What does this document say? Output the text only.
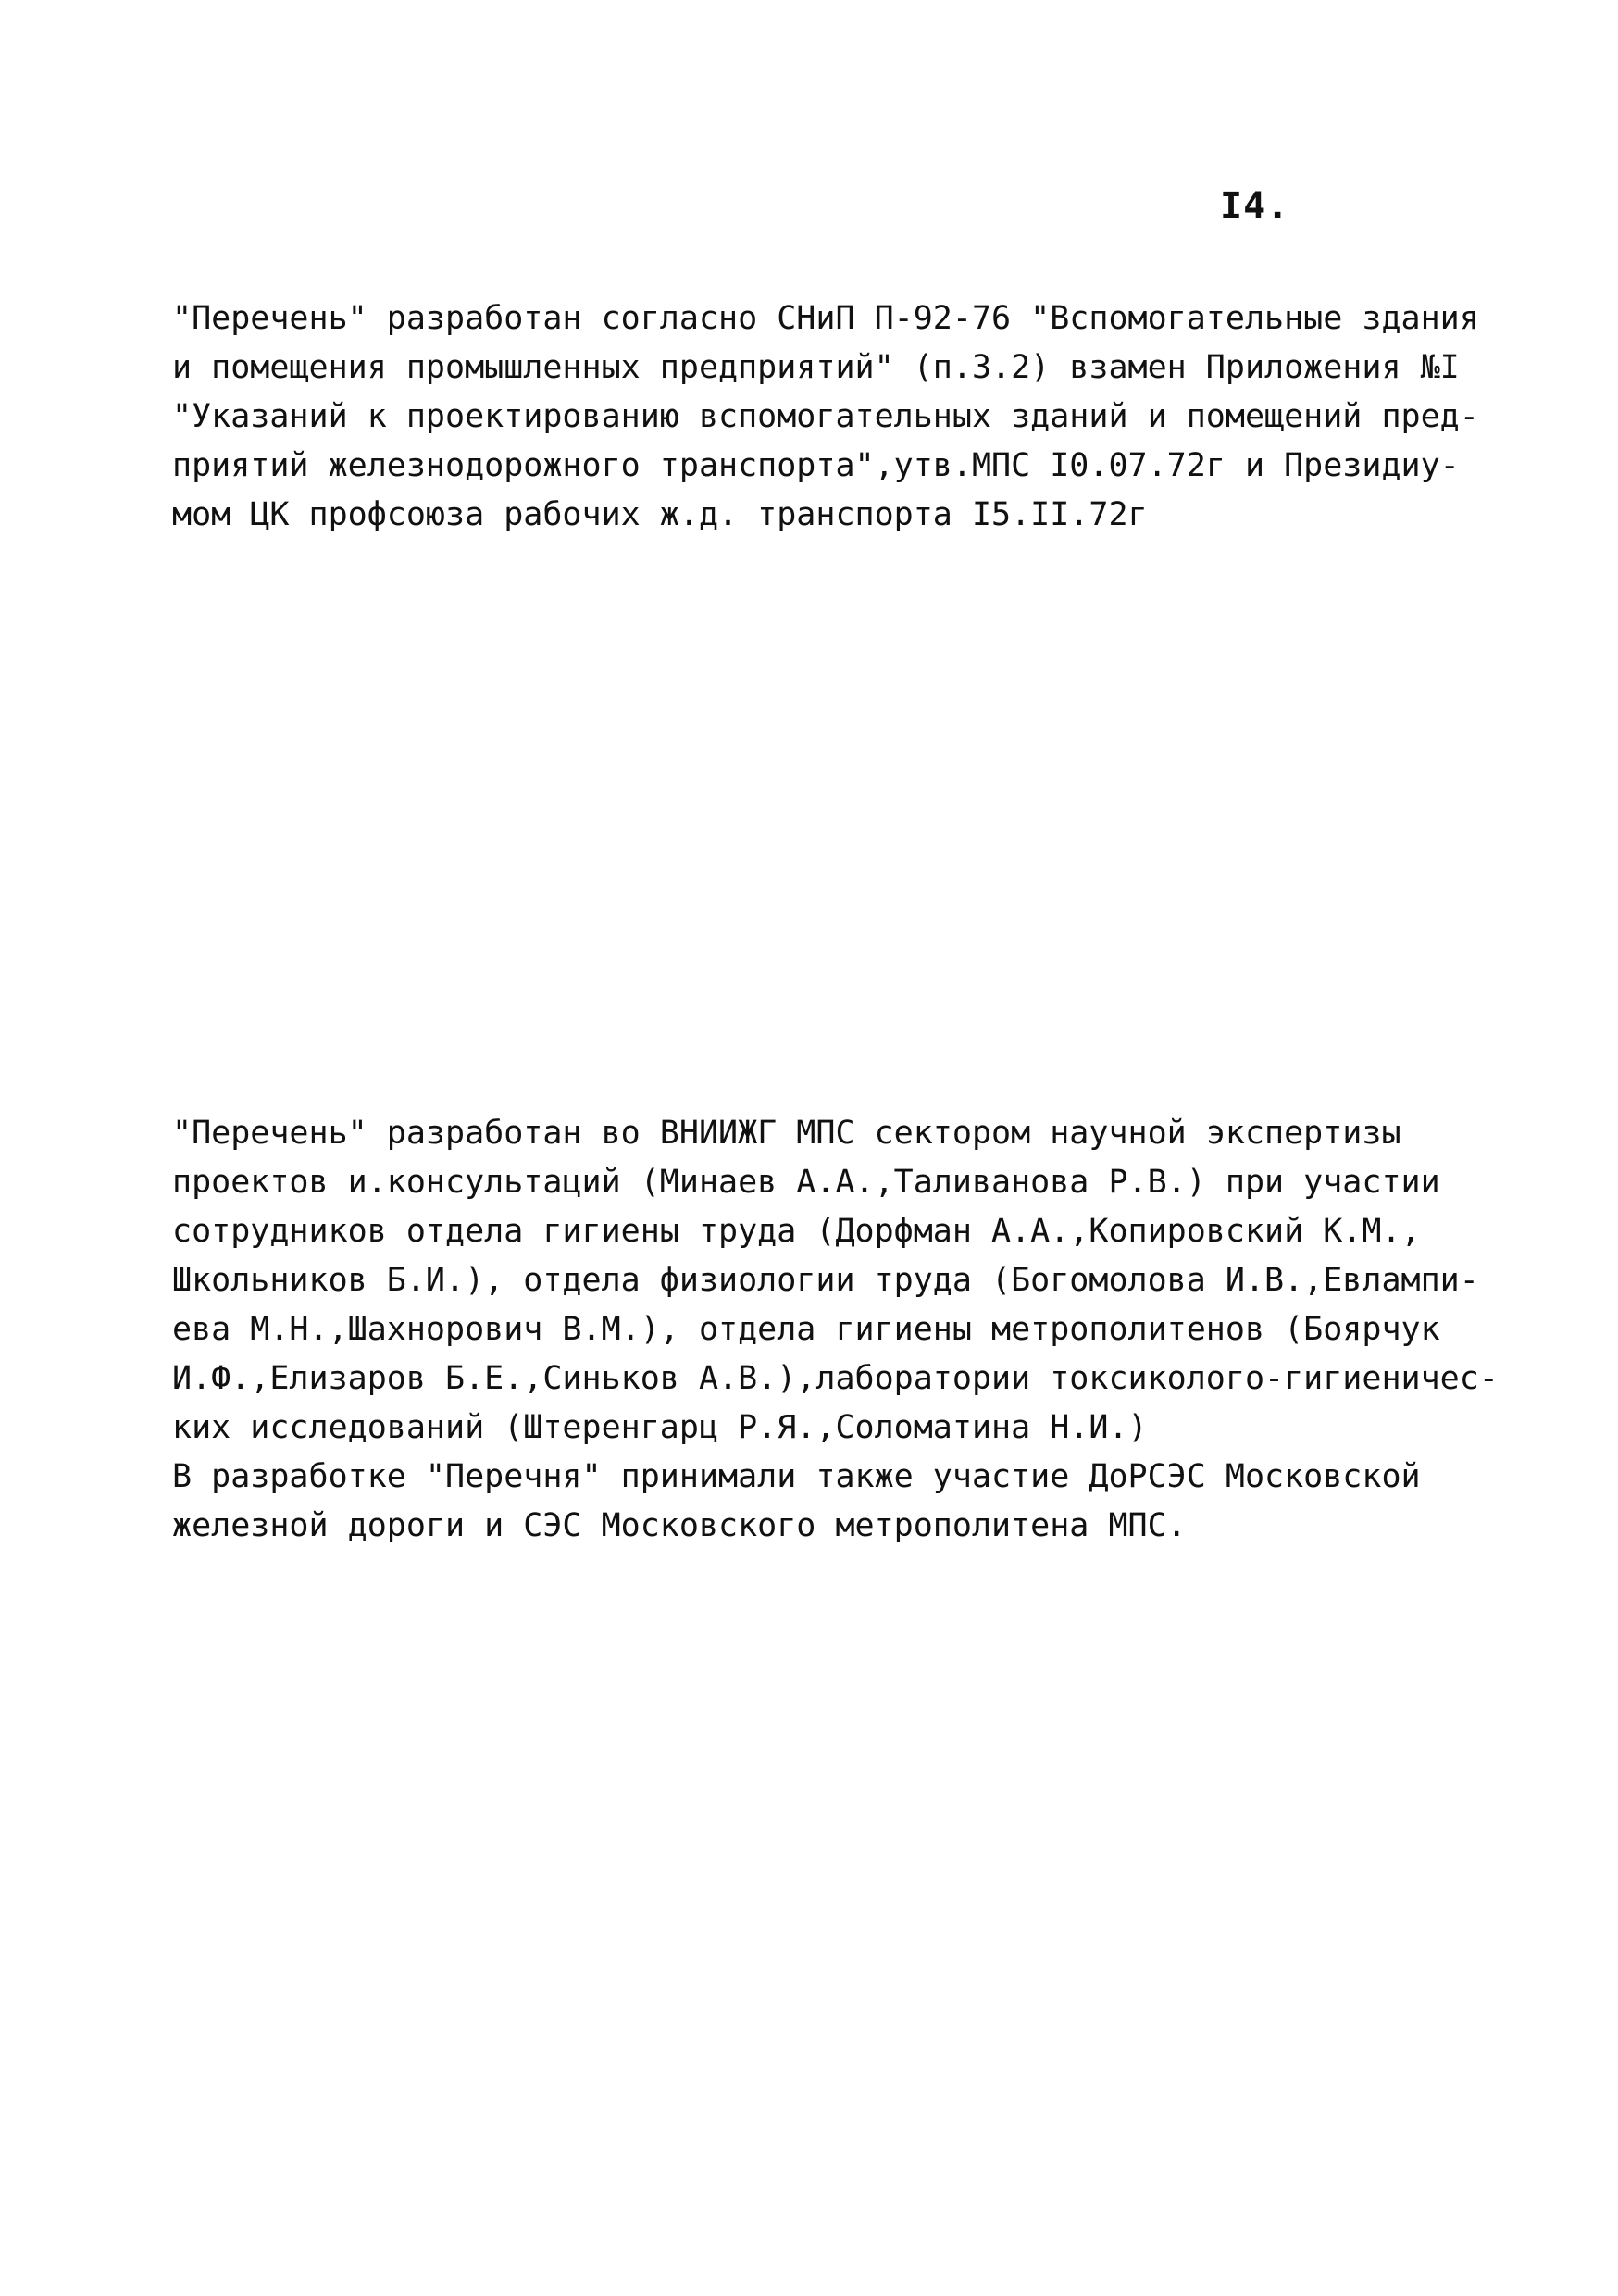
I4.
"Перечень" разработан согласно СНиП П-92-76 "Вспомогательные здания
и помещения промышленных предприятий" (п.3.2) взамен Приложения №I
"Указаний к проектированию вспомогательных зданий и помещений пред-
приятий железнодорожного транспорта",утв.МПС I0.07.72г и Президиу-
мом ЦК профсоюза рабочих ж.д. транспорта I5.II.72г
"Перечень" разработан во ВНИИЖГ МПС сектором научной экспертизы
проектов и.консультаций (Минаев А.А.,Таливанова Р.В.) при участии
сотрудников отдела гигиены труда (Дорфман А.А.,Копировский К.М.,
Школьников Б.И.), отдела физиологии труда (Богомолова И.В.,Евлампи-
ева М.Н.,Шахнорович В.М.), отдела гигиены метрополитенов (Боярчук
И.Ф.,Елизаров Б.Е.,Синьков А.В.),лаборатории токсиколого-гигиеничес-
ких исследований (Штеренгарц Р.Я.,Соломатина Н.И.)
В разработке "Перечня" принимали также участие ДоРСЭС Московской
железной дороги и СЭС Московского метрополитена МПС.
